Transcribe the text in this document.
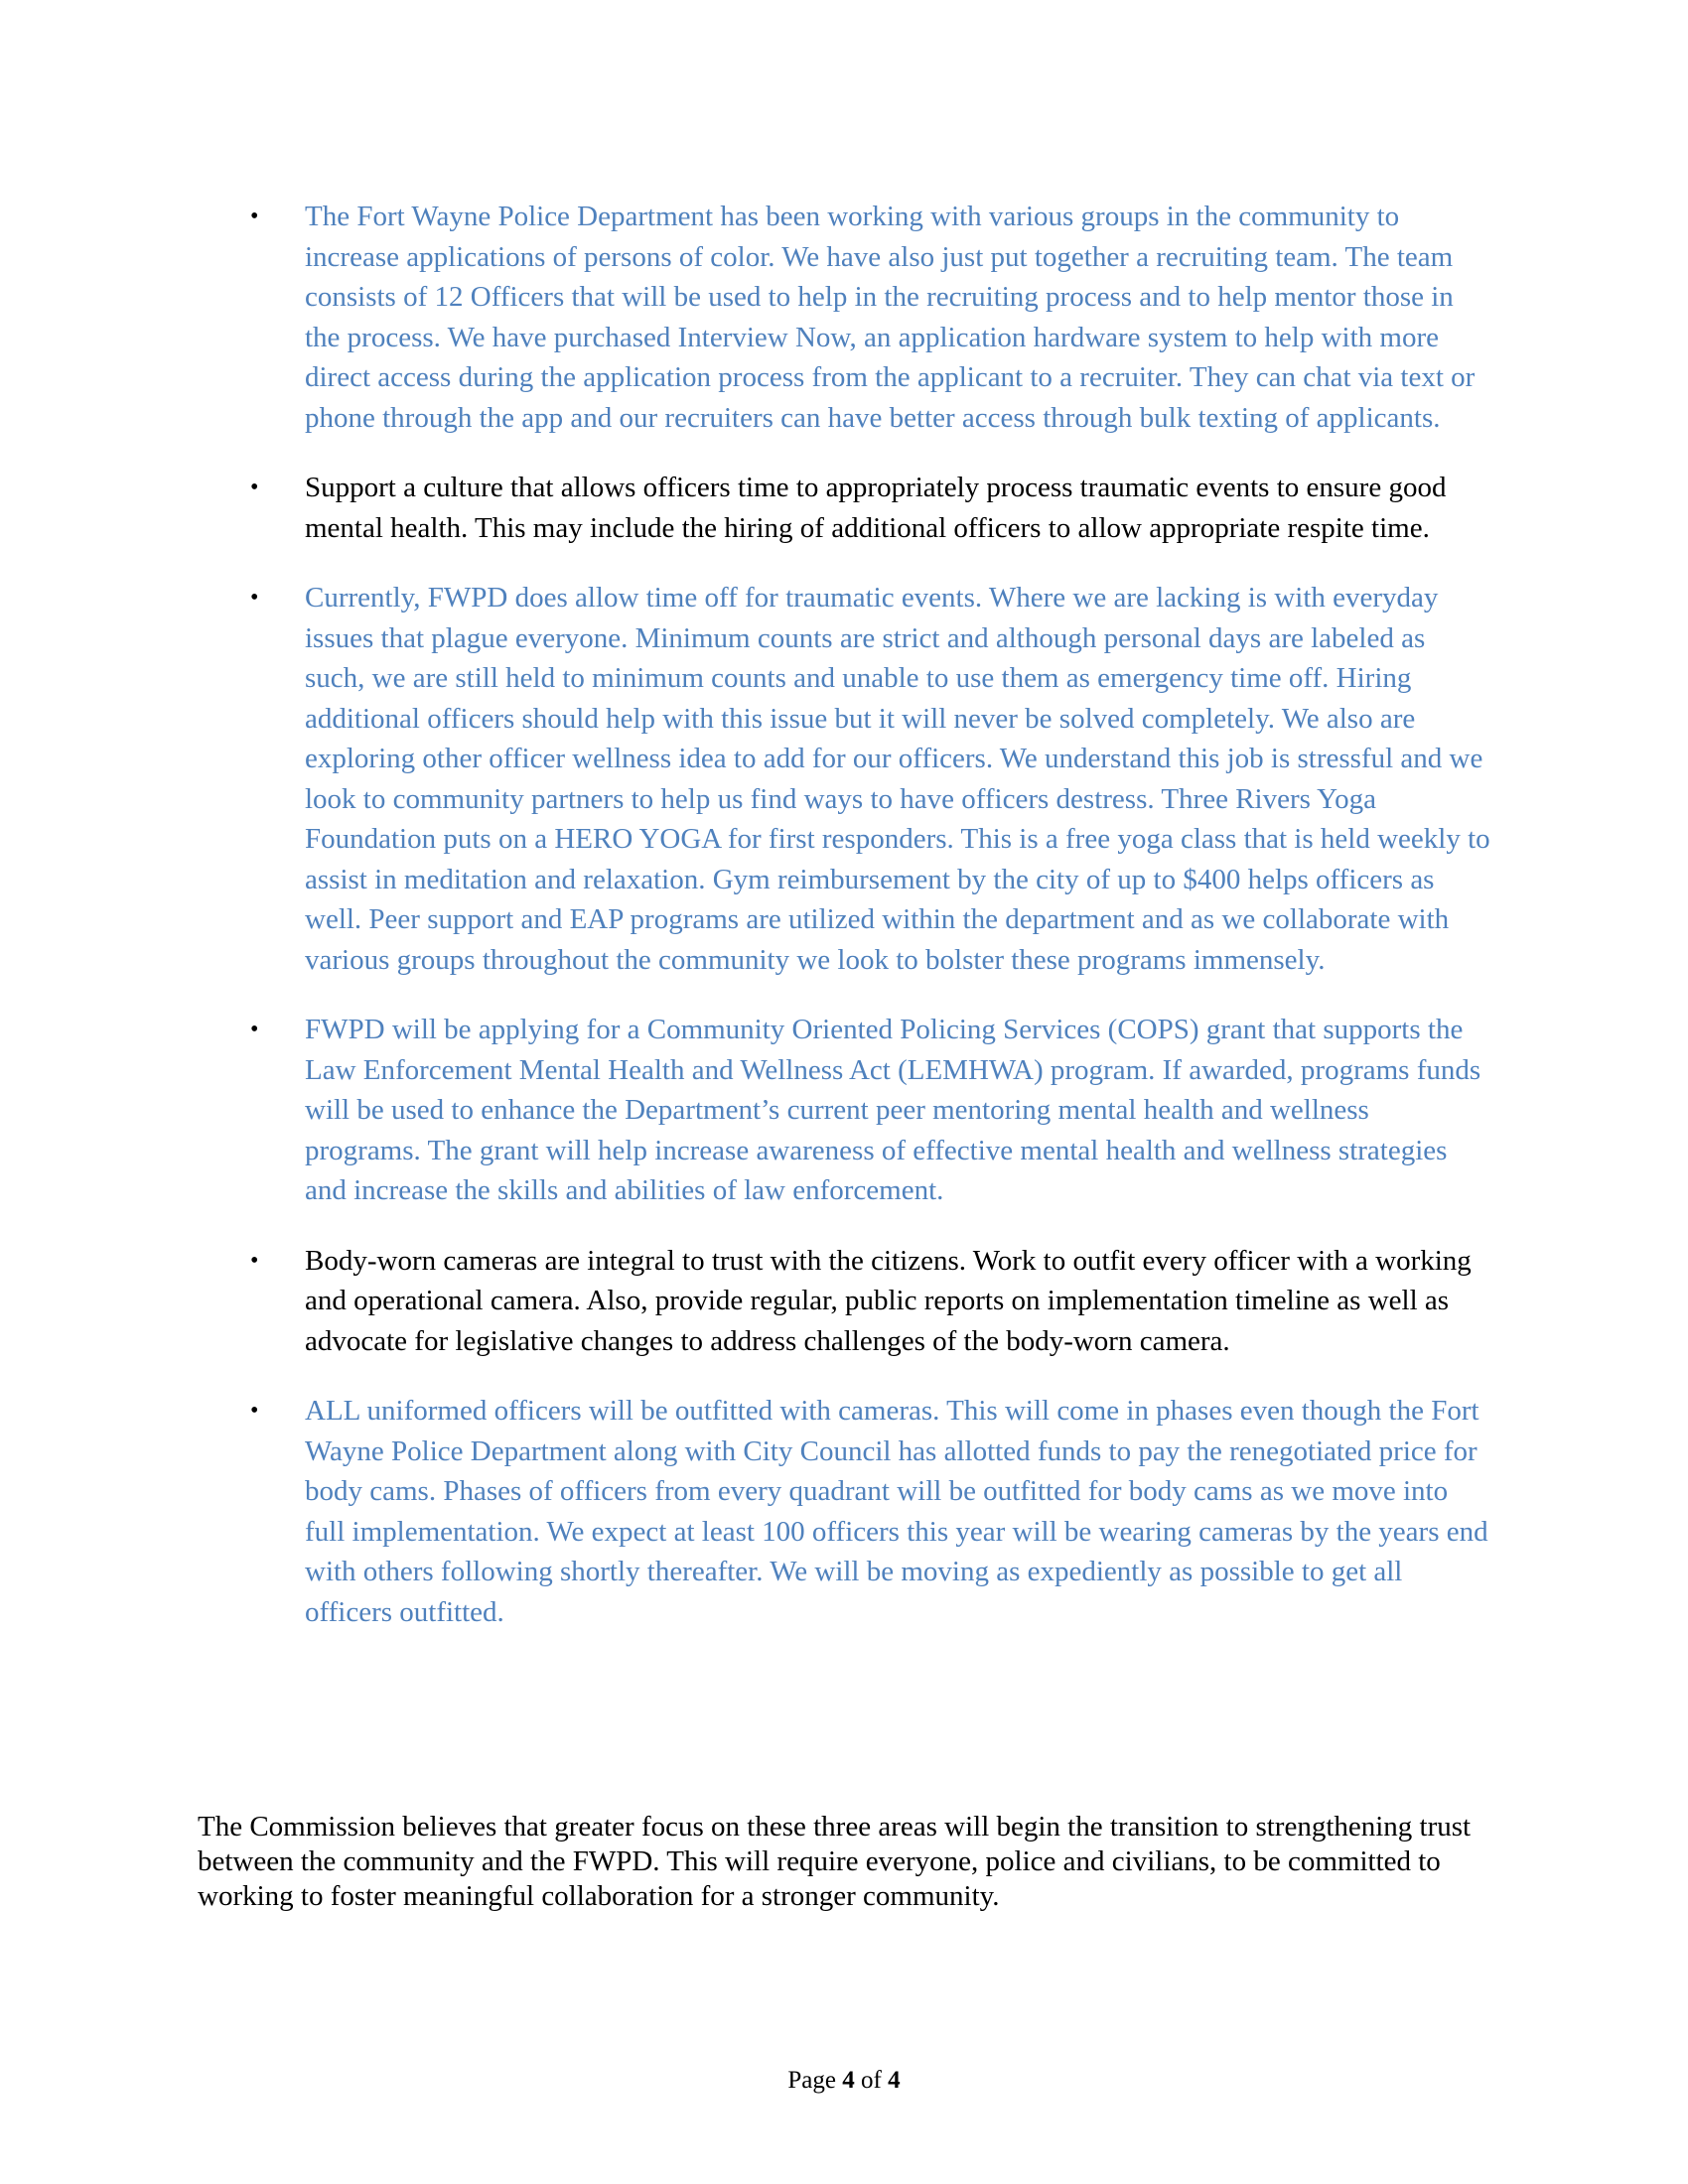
• The Fort Wayne Police Department has been working with various groups in the community to increase applications of persons of color. We have also just put together a recruiting team. The team consists of 12 Officers that will be used to help in the recruiting process and to help mentor those in the process. We have purchased Interview Now, an application hardware system to help with more direct access during the application process from the applicant to a recruiter. They can chat via text or phone through the app and our recruiters can have better access through bulk texting of applicants.
• Support a culture that allows officers time to appropriately process traumatic events to ensure good mental health. This may include the hiring of additional officers to allow appropriate respite time.
• Currently, FWPD does allow time off for traumatic events. Where we are lacking is with everyday issues that plague everyone. Minimum counts are strict and although personal days are labeled as such, we are still held to minimum counts and unable to use them as emergency time off. Hiring additional officers should help with this issue but it will never be solved completely. We also are exploring other officer wellness idea to add for our officers. We understand this job is stressful and we look to community partners to help us find ways to have officers destress. Three Rivers Yoga Foundation puts on a HERO YOGA for first responders. This is a free yoga class that is held weekly to assist in meditation and relaxation. Gym reimbursement by the city of up to $400 helps officers as well. Peer support and EAP programs are utilized within the department and as we collaborate with various groups throughout the community we look to bolster these programs immensely.
• FWPD will be applying for a Community Oriented Policing Services (COPS) grant that supports the Law Enforcement Mental Health and Wellness Act (LEMHWA) program. If awarded, programs funds will be used to enhance the Department’s current peer mentoring mental health and wellness programs. The grant will help increase awareness of effective mental health and wellness strategies and increase the skills and abilities of law enforcement.
• Body-worn cameras are integral to trust with the citizens. Work to outfit every officer with a working and operational camera. Also, provide regular, public reports on implementation timeline as well as advocate for legislative changes to address challenges of the body-worn camera.
• ALL uniformed officers will be outfitted with cameras. This will come in phases even though the Fort Wayne Police Department along with City Council has allotted funds to pay the renegotiated price for body cams. Phases of officers from every quadrant will be outfitted for body cams as we move into full implementation. We expect at least 100 officers this year will be wearing cameras by the years end with others following shortly thereafter. We will be moving as expediently as possible to get all officers outfitted.

The Commission believes that greater focus on these three areas will begin the transition to strengthening trust between the community and the FWPD. This will require everyone, police and civilians, to be committed to working to foster meaningful collaboration for a stronger community.

Page 4 of 4
